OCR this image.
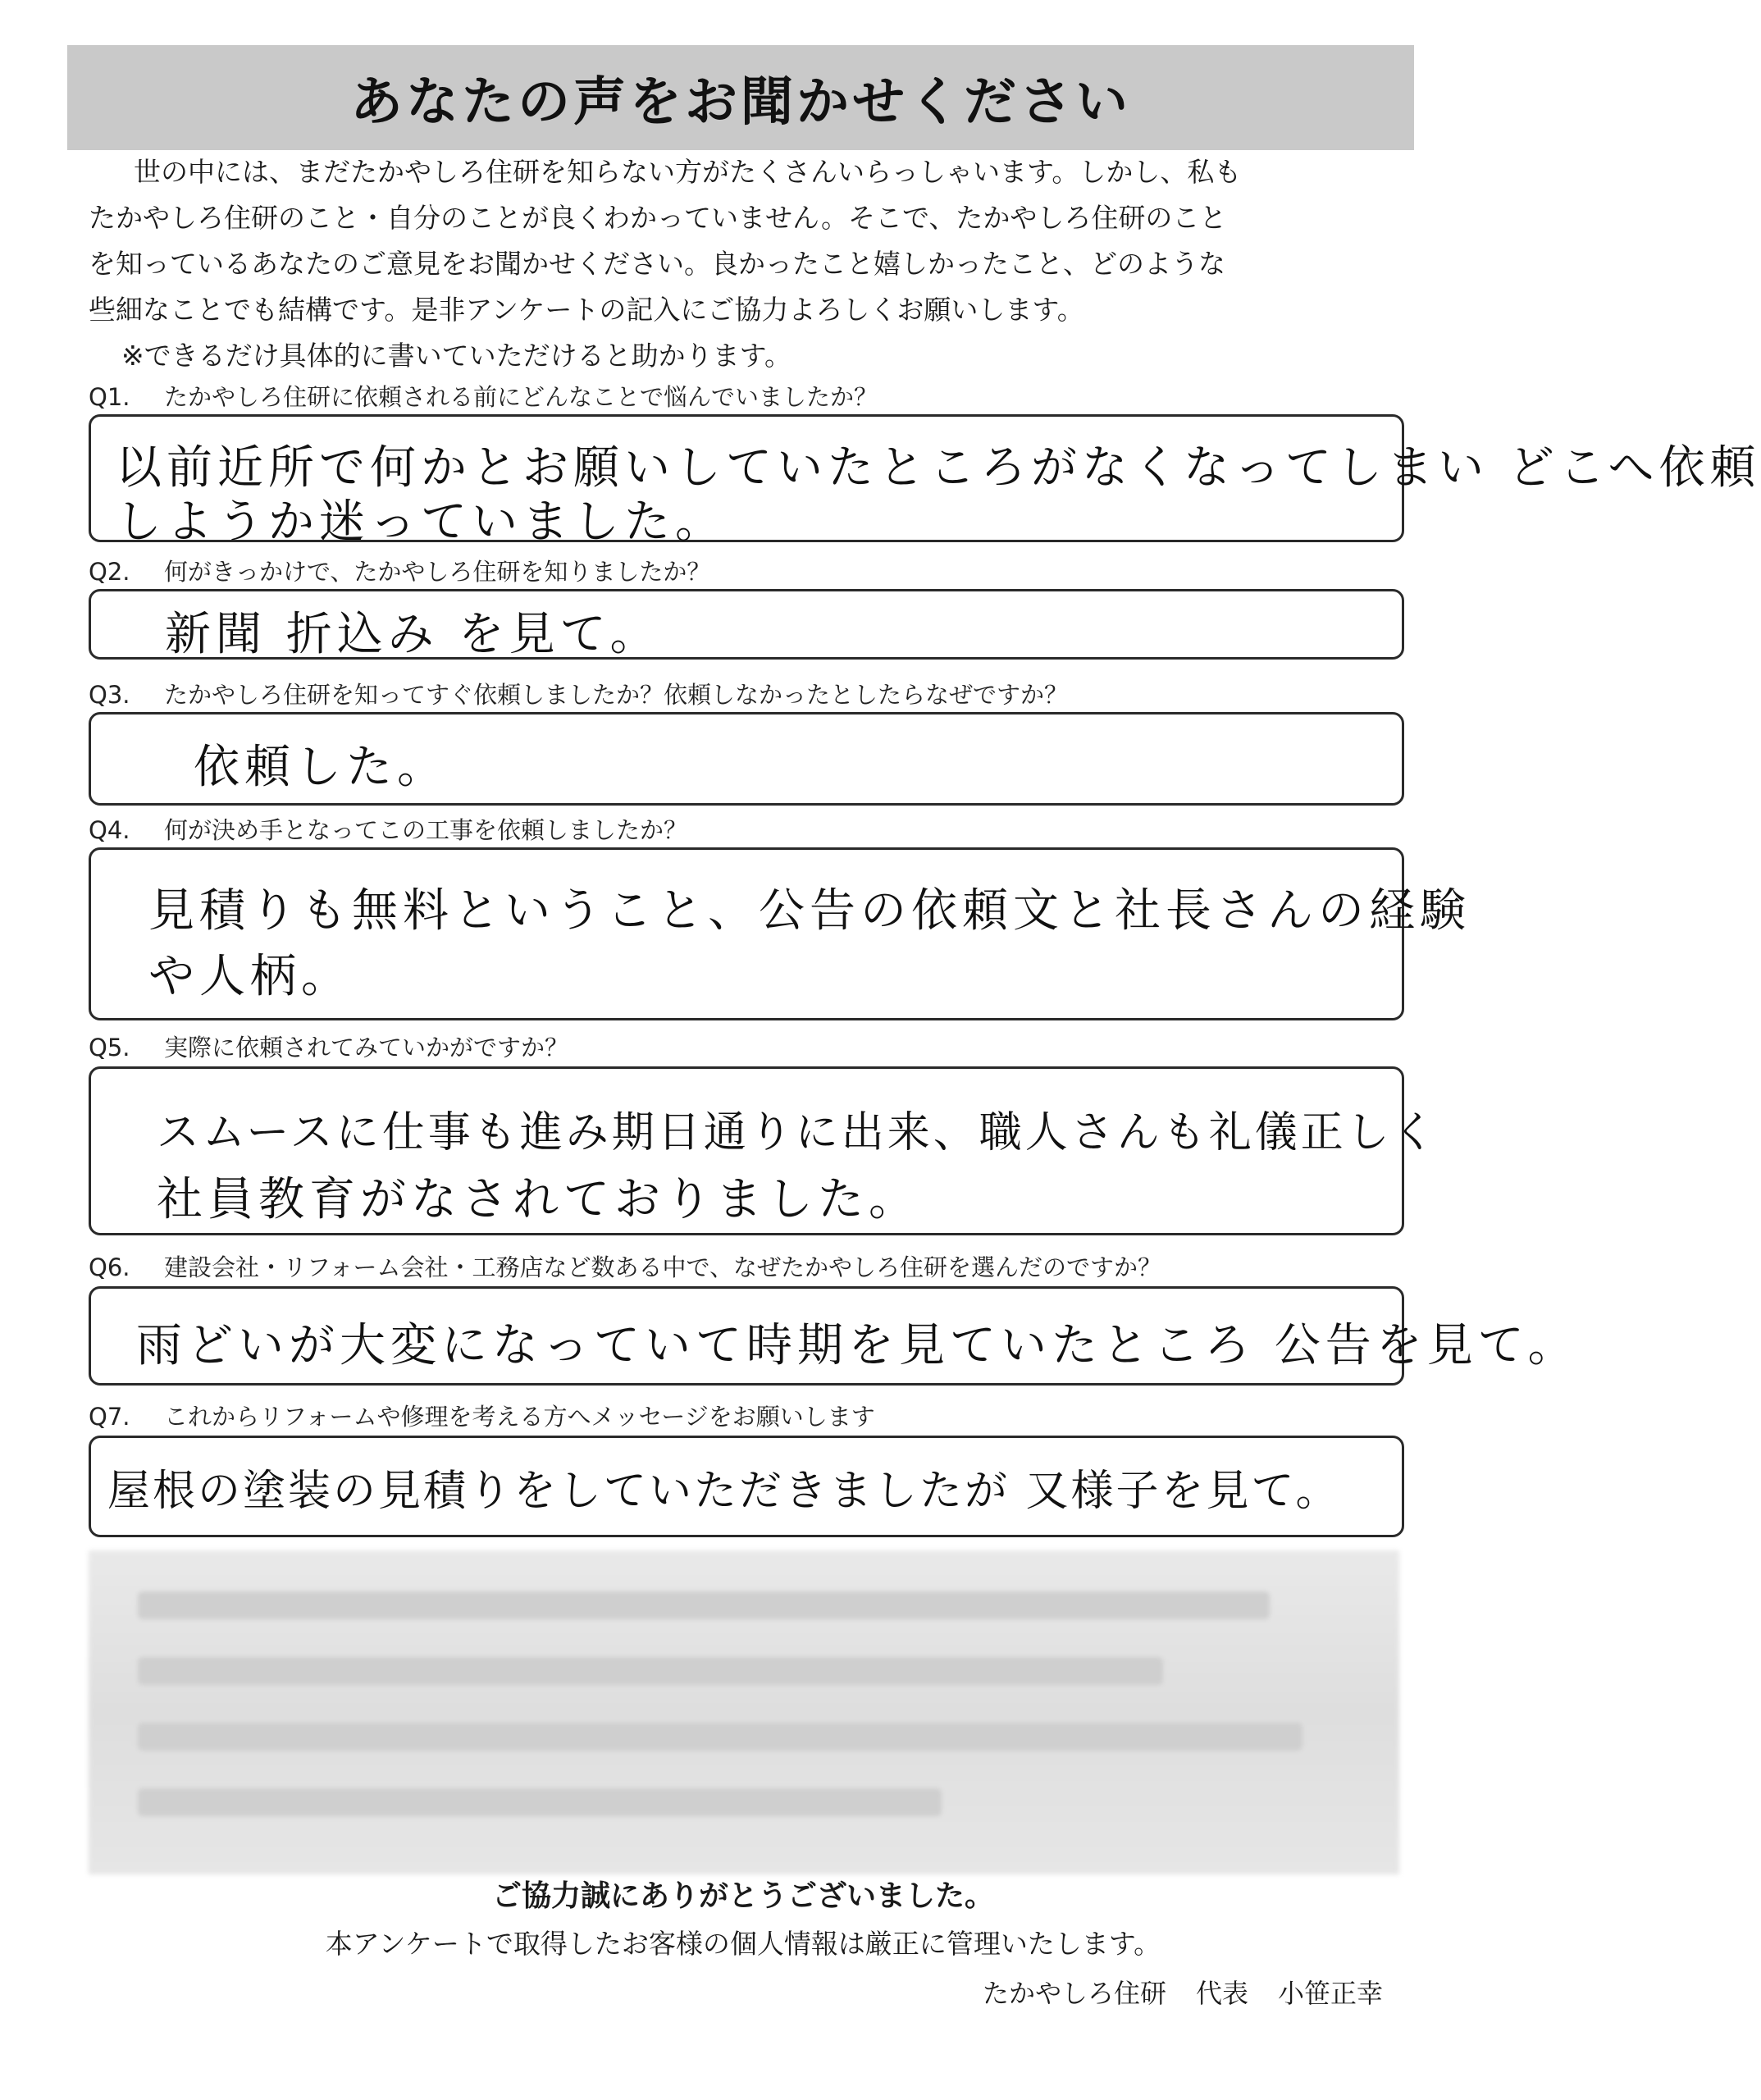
あなたの声をお聞かせください

世の中には、まだたかやしろ住研を知らない方がたくさんいらっしゃいます。しかし、私も

たかやしろ住研のこと・自分のことが良くわかっていません。そこで、たかやしろ住研のこと

を知っているあなたのご意見をお聞かせください。良かったこと嬉しかったこと、どのような

些細なことでも結構です。是非アンケートの記入にご協力よろしくお願いします。

※できるだけ具体的に書いていただけると助かります。

Q1. たかやしろ住研に依頼される前にどんなことで悩んでいましたか？
以前近所で何かとお願いしていたところがなくなってしまい どこへ依頼
しようか迷っていました。
Q2. 何がきっかけで、たかやしろ住研を知りましたか？
新聞 折込み を見て。
Q3. たかやしろ住研を知ってすぐ依頼しましたか？依頼しなかったとしたらなぜですか？
依頼した。
Q4. 何が決め手となってこの工事を依頼しましたか？
見積りも無料ということ、公告の依頼文と社長さんの経験
や人柄。
Q5. 実際に依頼されてみていかがですか？
スムースに仕事も進み期日通りに出来、職人さんも礼儀正しく
社員教育がなされておりました。
Q6. 建設会社・リフォーム会社・工務店など数ある中で、なぜたかやしろ住研を選んだのですか？
雨どいが大変になっていて時期を見ていたところ 公告を見て。
Q7. これからリフォームや修理を考える方へメッセージをお願いします
屋根の塗装の見積りをしていただきましたが 又様子を見て。
ご協力誠にありがとうございました。
本アンケートで取得したお客様の個人情報は厳正に管理いたします。
たかやしろ住研 代表 小笹正幸
